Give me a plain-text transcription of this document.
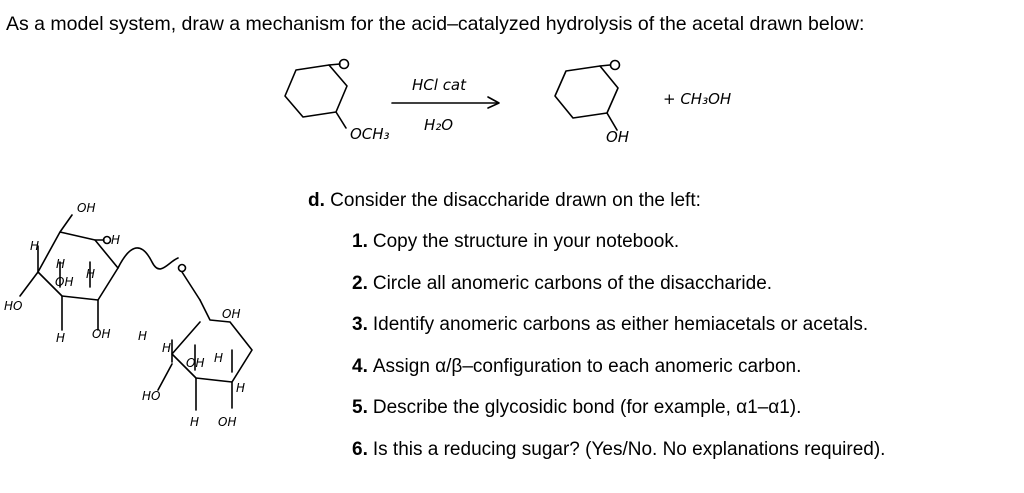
As a model system, draw a mechanism for the acid–catalyzed hydrolysis of the acetal drawn below:
OCH₃
HCl cat
H₂O
OH
+ CH₃OH
OH
H
H
H
OH
H
HO
H OH H
OH
H
OH H
HO
H
H OH
d. Consider the disaccharide drawn on the left:
1. Copy the structure in your notebook.
2. Circle all anomeric carbons of the disaccharide.
3. Identify anomeric carbons as either hemiacetals or acetals.
4. Assign α/β–configuration to each anomeric carbon.
5. Describe the glycosidic bond (for example, α1–α1).
6. Is this a reducing sugar? (Yes/No. No explanations required).
